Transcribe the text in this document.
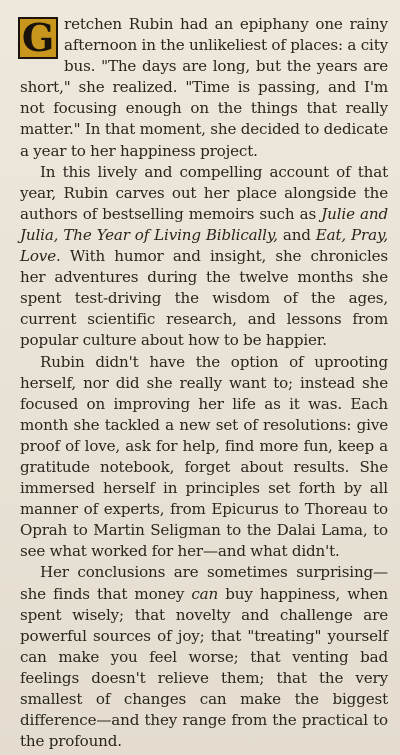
G retchen Rubin had an epiphany one rainy afternoon in the unlikeliest of places: a city bus. "The days are long, but the years are short," she realized. "Time is passing, and I'm not focusing enough on the things that really matter." In that moment, she decided to dedicate a year to her happiness project.

In this lively and compelling account of that year, Rubin carves out her place alongside the authors of bestselling memoirs such as Julie and Julia, The Year of Living Biblically, and Eat, Pray, Love. With humor and insight, she chronicles her adventures during the twelve months she spent test-driving the wisdom of the ages, current scientific research, and lessons from popular culture about how to be happier.

Rubin didn't have the option of uprooting herself, nor did she really want to; instead she focused on improving her life as it was. Each month she tackled a new set of resolutions: give proof of love, ask for help, find more fun, keep a gratitude notebook, forget about results. She immersed herself in principles set forth by all manner of experts, from Epicurus to Thoreau to Oprah to Martin Seligman to the Dalai Lama, to see what worked for her—and what didn't.

Her conclusions are sometimes surprising—she finds that money can buy happiness, when spent wisely; that novelty and challenge are powerful sources of joy; that "treating" yourself can make you feel worse; that venting bad feelings doesn't relieve them; that the very smallest of changes can make the biggest difference—and they range from the practical to the profound.
